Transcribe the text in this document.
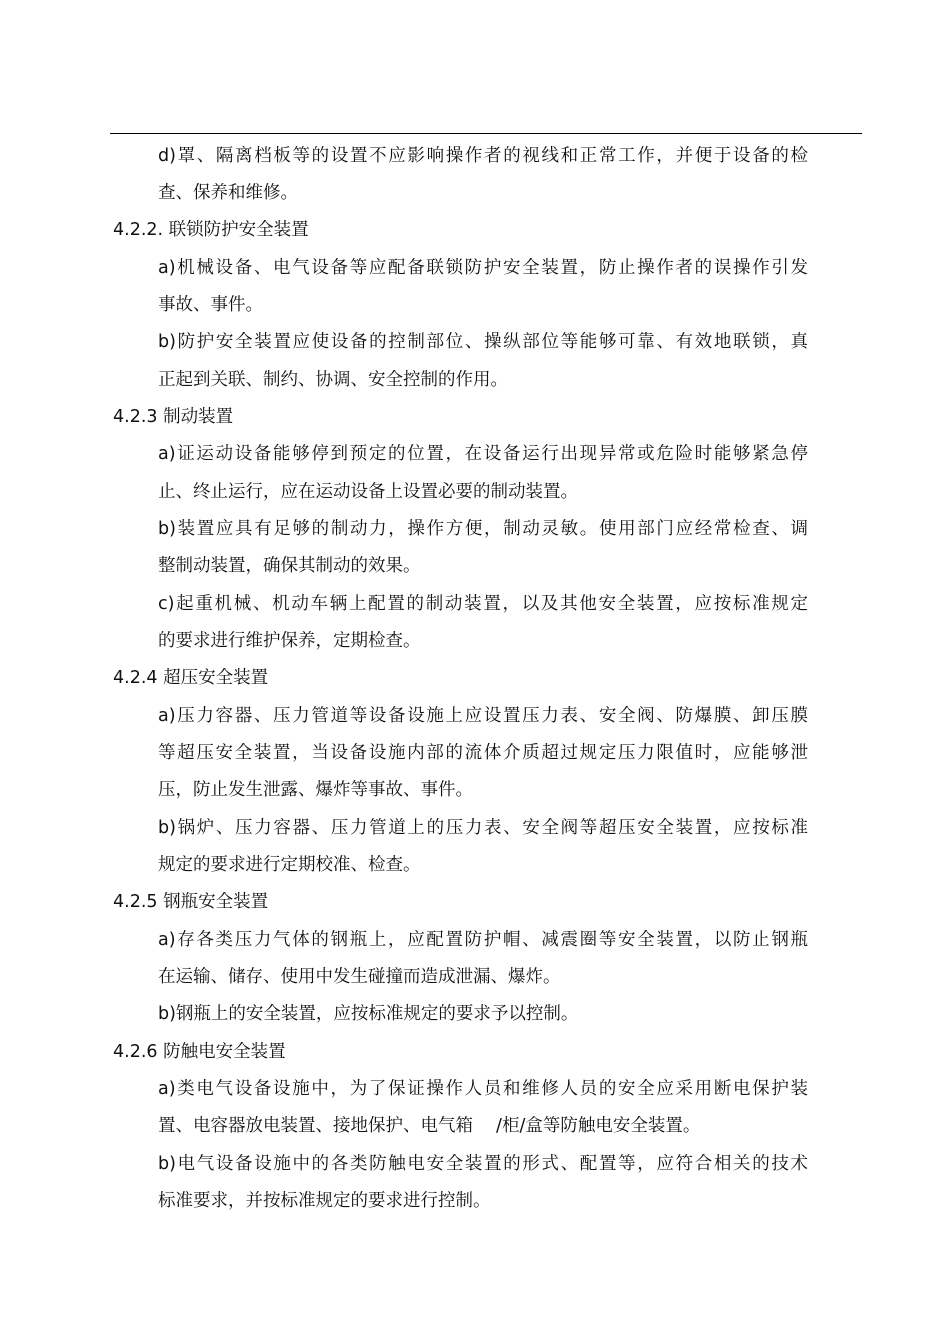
d)罩、隔离档板等的设置不应影响操作者的视线和正常工作，并便于设备的检
查、保养和维修。
4.2.2. 联锁防护安全装置
a)机械设备、电气设备等应配备联锁防护安全装置，防止操作者的误操作引发
事故、事件。
b)防护安全装置应使设备的控制部位、操纵部位等能够可靠、有效地联锁，真
正起到关联、制约、协调、安全控制的作用。
4.2.3 制动装置
a)证运动设备能够停到预定的位置，在设备运行出现异常或危险时能够紧急停
止、终止运行，应在运动设备上设置必要的制动装置。
b)装置应具有足够的制动力，操作方便，制动灵敏。使用部门应经常检查、调
整制动装置，确保其制动的效果。
c)起重机械、机动车辆上配置的制动装置，以及其他安全装置，应按标准规定
的要求进行维护保养，定期检查。
4.2.4 超压安全装置
a)压力容器、压力管道等设备设施上应设置压力表、安全阀、防爆膜、卸压膜
等超压安全装置，当设备设施内部的流体介质超过规定压力限值时，应能够泄
压，防止发生泄露、爆炸等事故、事件。
b)锅炉、压力容器、压力管道上的压力表、安全阀等超压安全装置，应按标准
规定的要求进行定期校准、检查。
4.2.5 钢瓶安全装置
a)存各类压力气体的钢瓶上，应配置防护帽、减震圈等安全装置，以防止钢瓶
在运输、储存、使用中发生碰撞而造成泄漏、爆炸。
b)钢瓶上的安全装置，应按标准规定的要求予以控制。
4.2.6 防触电安全装置
a)类电气设备设施中，为了保证操作人员和维修人员的安全应采用断电保护装
置、电容器放电装置、接地保护、电气箱　 /柜/盒等防触电安全装置。
b)电气设备设施中的各类防触电安全装置的形式、配置等，应符合相关的技术
标准要求，并按标准规定的要求进行控制。
